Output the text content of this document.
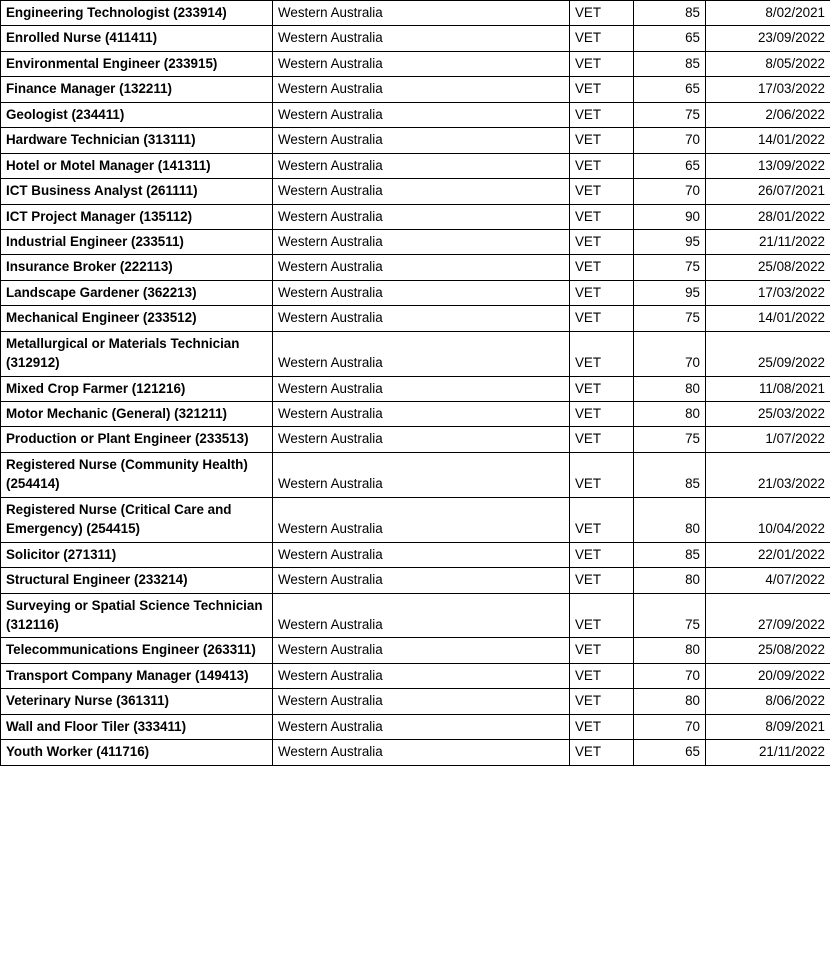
Engineering Technologist (233914)	Western Australia	VET	85	8/02/2021
Enrolled Nurse (411411)	Western Australia	VET	65	23/09/2022
Environmental Engineer (233915)	Western Australia	VET	85	8/05/2022
Finance Manager (132211)	Western Australia	VET	65	17/03/2022
Geologist (234411)	Western Australia	VET	75	2/06/2022
Hardware Technician (313111)	Western Australia	VET	70	14/01/2022
Hotel or Motel Manager (141311)	Western Australia	VET	65	13/09/2022
ICT Business Analyst (261111)	Western Australia	VET	70	26/07/2021
ICT Project Manager (135112)	Western Australia	VET	90	28/01/2022
Industrial Engineer (233511)	Western Australia	VET	95	21/11/2022
Insurance Broker (222113)	Western Australia	VET	75	25/08/2022
Landscape Gardener (362213)	Western Australia	VET	95	17/03/2022
Mechanical Engineer (233512)	Western Australia	VET	75	14/01/2022
Metallurgical or Materials Technician (312912)	Western Australia	VET	70	25/09/2022
Mixed Crop Farmer (121216)	Western Australia	VET	80	11/08/2021
Motor Mechanic (General) (321211)	Western Australia	VET	80	25/03/2022
Production or Plant Engineer (233513)	Western Australia	VET	75	1/07/2022
Registered Nurse (Community Health) (254414)	Western Australia	VET	85	21/03/2022
Registered Nurse (Critical Care and Emergency) (254415)	Western Australia	VET	80	10/04/2022
Solicitor (271311)	Western Australia	VET	85	22/01/2022
Structural Engineer (233214)	Western Australia	VET	80	4/07/2022
Surveying or Spatial Science Technician (312116)	Western Australia	VET	75	27/09/2022
Telecommunications Engineer (263311)	Western Australia	VET	80	25/08/2022
Transport Company Manager (149413)	Western Australia	VET	70	20/09/2022
Veterinary Nurse (361311)	Western Australia	VET	80	8/06/2022
Wall and Floor Tiler (333411)	Western Australia	VET	70	8/09/2021
Youth Worker (411716)	Western Australia	VET	65	21/11/2022
